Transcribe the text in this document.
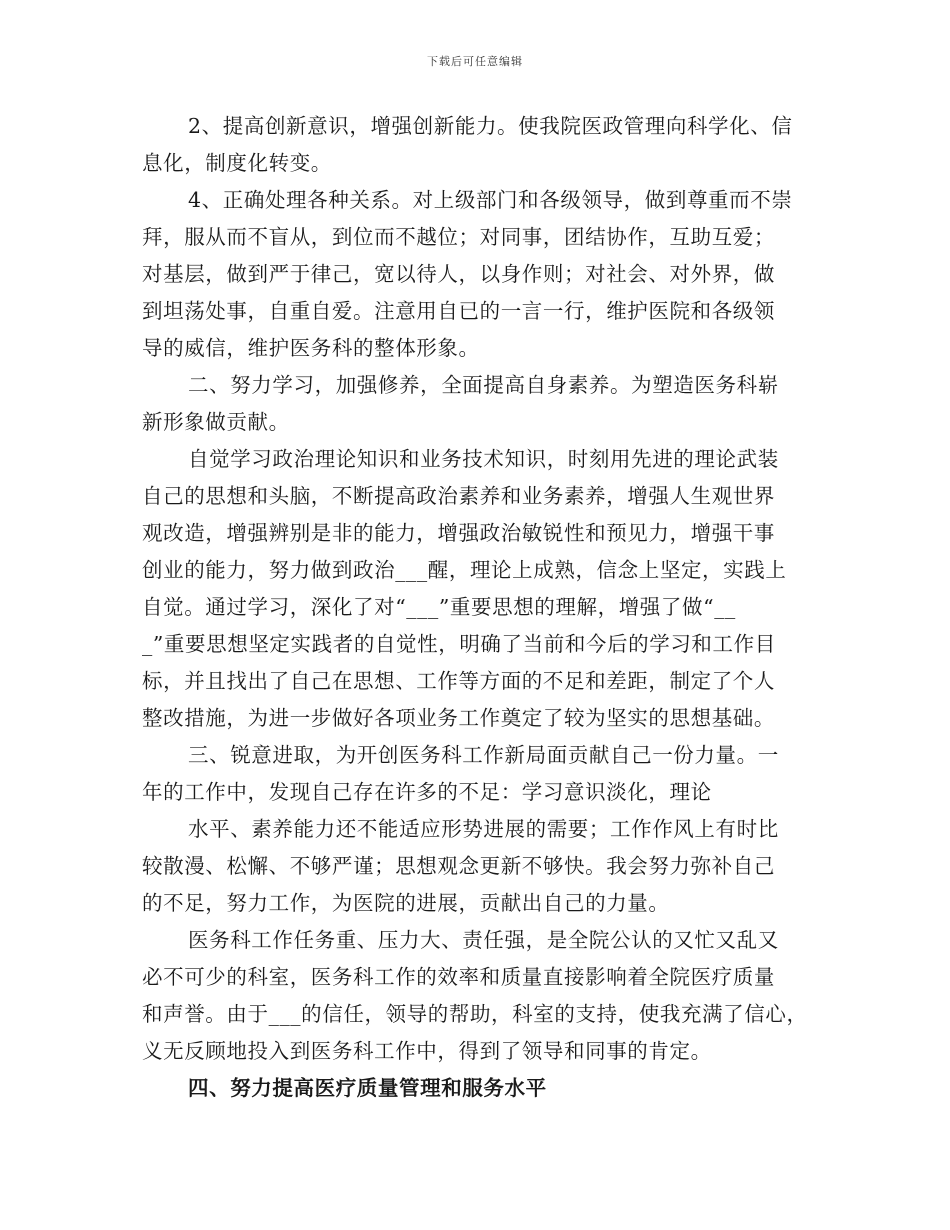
下载后可任意编辑
2、提高创新意识，增强创新能力。使我院医政管理向科学化、信
息化，制度化转变。
4、正确处理各种关系。对上级部门和各级领导，做到尊重而不崇
拜，服从而不盲从，到位而不越位；对同事，团结协作，互助互爱；
对基层，做到严于律己，宽以待人，以身作则；对社会、对外界，做
到坦荡处事，自重自爱。注意用自已的一言一行，维护医院和各级领
导的威信，维护医务科的整体形象。
二、努力学习，加强修养，全面提高自身素养。为塑造医务科崭
新形象做贡献。
自觉学习政治理论知识和业务技术知识，时刻用先进的理论武装
自己的思想和头脑，不断提高政治素养和业务素养，增强人生观世界
观改造，增强辨别是非的能力，增强政治敏锐性和预见力，增强干事
创业的能力，努力做到政治___醒，理论上成熟，信念上坚定，实践上
自觉。通过学习，深化了对“___”重要思想的理解，增强了做“__
_”重要思想坚定实践者的自觉性，明确了当前和今后的学习和工作目
标，并且找出了自己在思想、工作等方面的不足和差距，制定了个人
整改措施，为进一步做好各项业务工作奠定了较为坚实的思想基础。
三、锐意进取，为开创医务科工作新局面贡献自己一份力量。一
年的工作中，发现自己存在许多的不足：学习意识淡化，理论
水平、素养能力还不能适应形势进展的需要；工作作风上有时比
较散漫、松懈、不够严谨；思想观念更新不够快。我会努力弥补自己
的不足，努力工作，为医院的进展，贡献出自己的力量。
医务科工作任务重、压力大、责任强，是全院公认的又忙又乱又
必不可少的科室，医务科工作的效率和质量直接影响着全院医疗质量
和声誉。由于___的信任，领导的帮助，科室的支持，使我充满了信心，
义无反顾地投入到医务科工作中，得到了领导和同事的肯定。
四、努力提高医疗质量管理和服务水平
